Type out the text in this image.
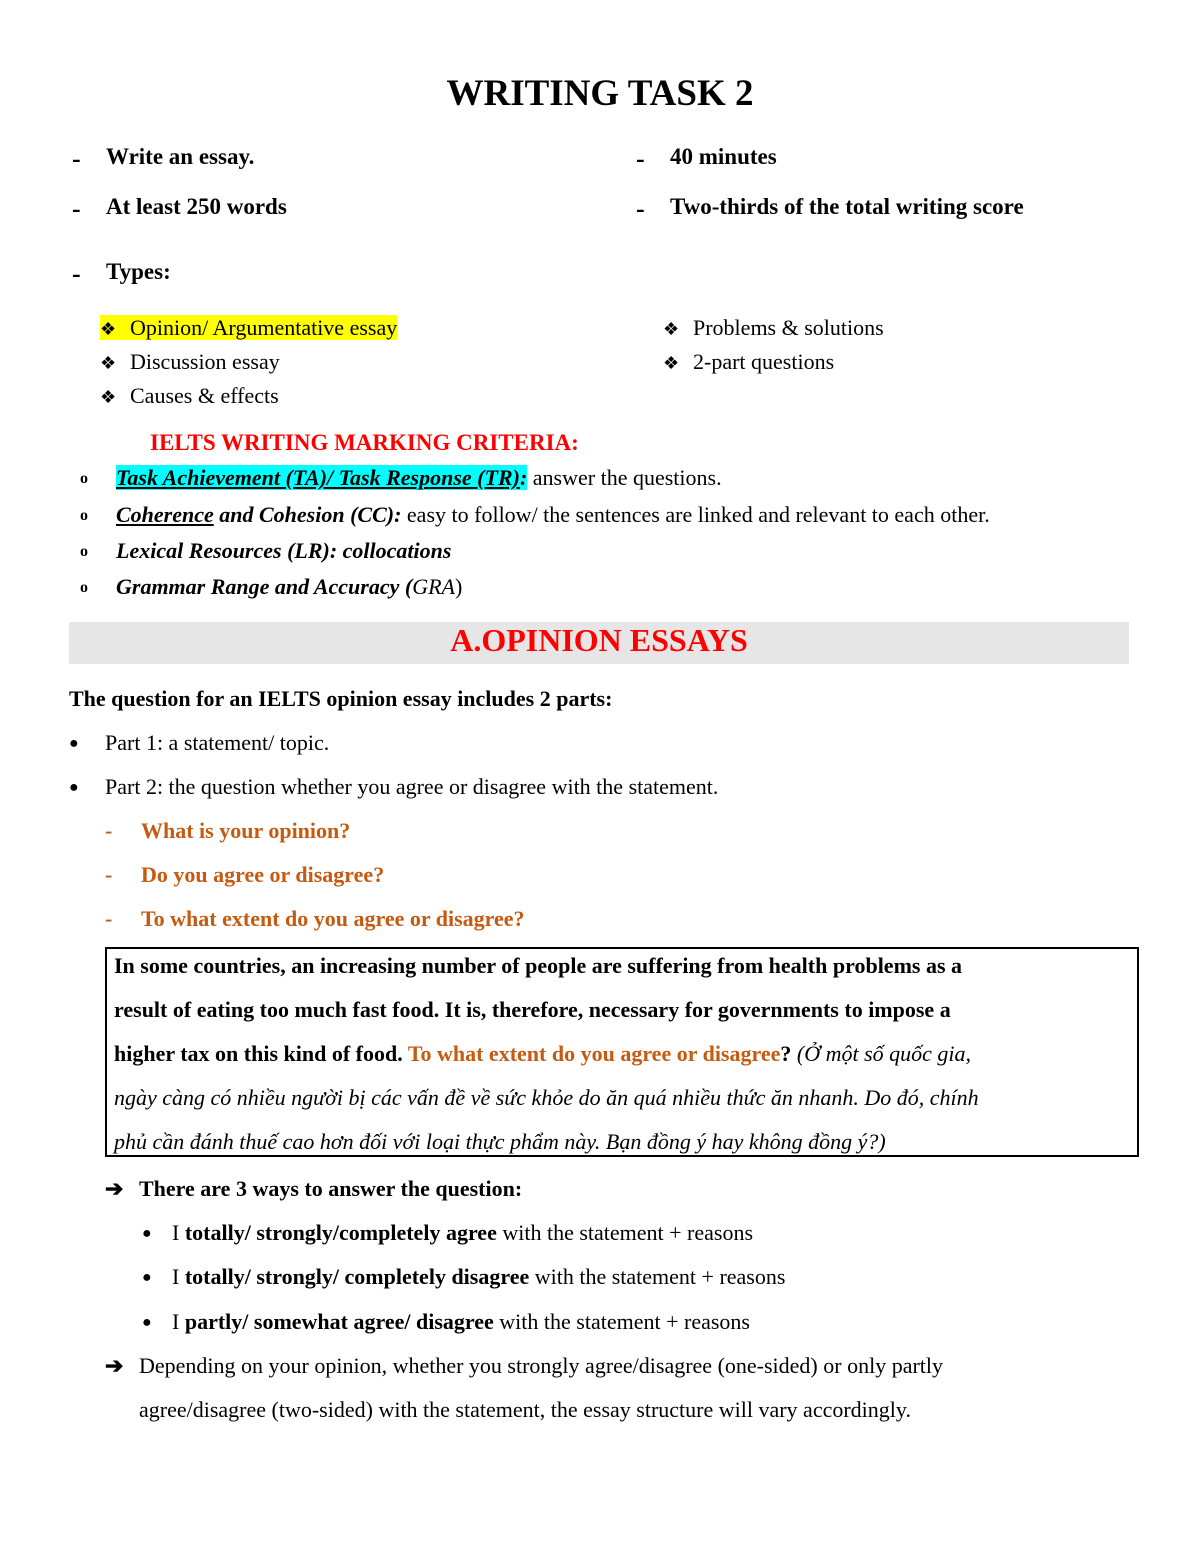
WRITING TASK 2
- Write an essay.
- At least 250 words
- 40 minutes
- Two-thirds of the total writing score
- Types:
❖ Opinion/ Argumentative essay
❖ Discussion essay
❖ Causes & effects
❖ Problems & solutions
❖ 2-part questions
IELTS WRITING MARKING CRITERIA:
o Task Achievement (TA)/ Task Response (TR): answer the questions.
o Coherence and Cohesion (CC): easy to follow/ the sentences are linked and relevant to each other.
o Lexical Resources (LR): collocations
o Grammar Range and Accuracy (GRA)
A.OPINION ESSAYS
The question for an IELTS opinion essay includes 2 parts:
● Part 1: a statement/ topic.
● Part 2: the question whether you agree or disagree with the statement.
- What is your opinion?
- Do you agree or disagree?
- To what extent do you agree or disagree?
In some countries, an increasing number of people are suffering from health problems as a
result of eating too much fast food. It is, therefore, necessary for governments to impose a
higher tax on this kind of food. To what extent do you agree or disagree? (Ở một số quốc gia,
ngày càng có nhiều người bị các vấn đề về sức khỏe do ăn quá nhiều thức ăn nhanh. Do đó, chính
phủ cần đánh thuế cao hơn đối với loại thực phẩm này. Bạn đồng ý hay không đồng ý?)
➔ There are 3 ways to answer the question:
● I totally/ strongly/completely agree with the statement + reasons
● I totally/ strongly/ completely disagree with the statement + reasons
● I partly/ somewhat agree/ disagree with the statement + reasons
➔ Depending on your opinion, whether you strongly agree/disagree (one-sided) or only partly
agree/disagree (two-sided) with the statement, the essay structure will vary accordingly.
